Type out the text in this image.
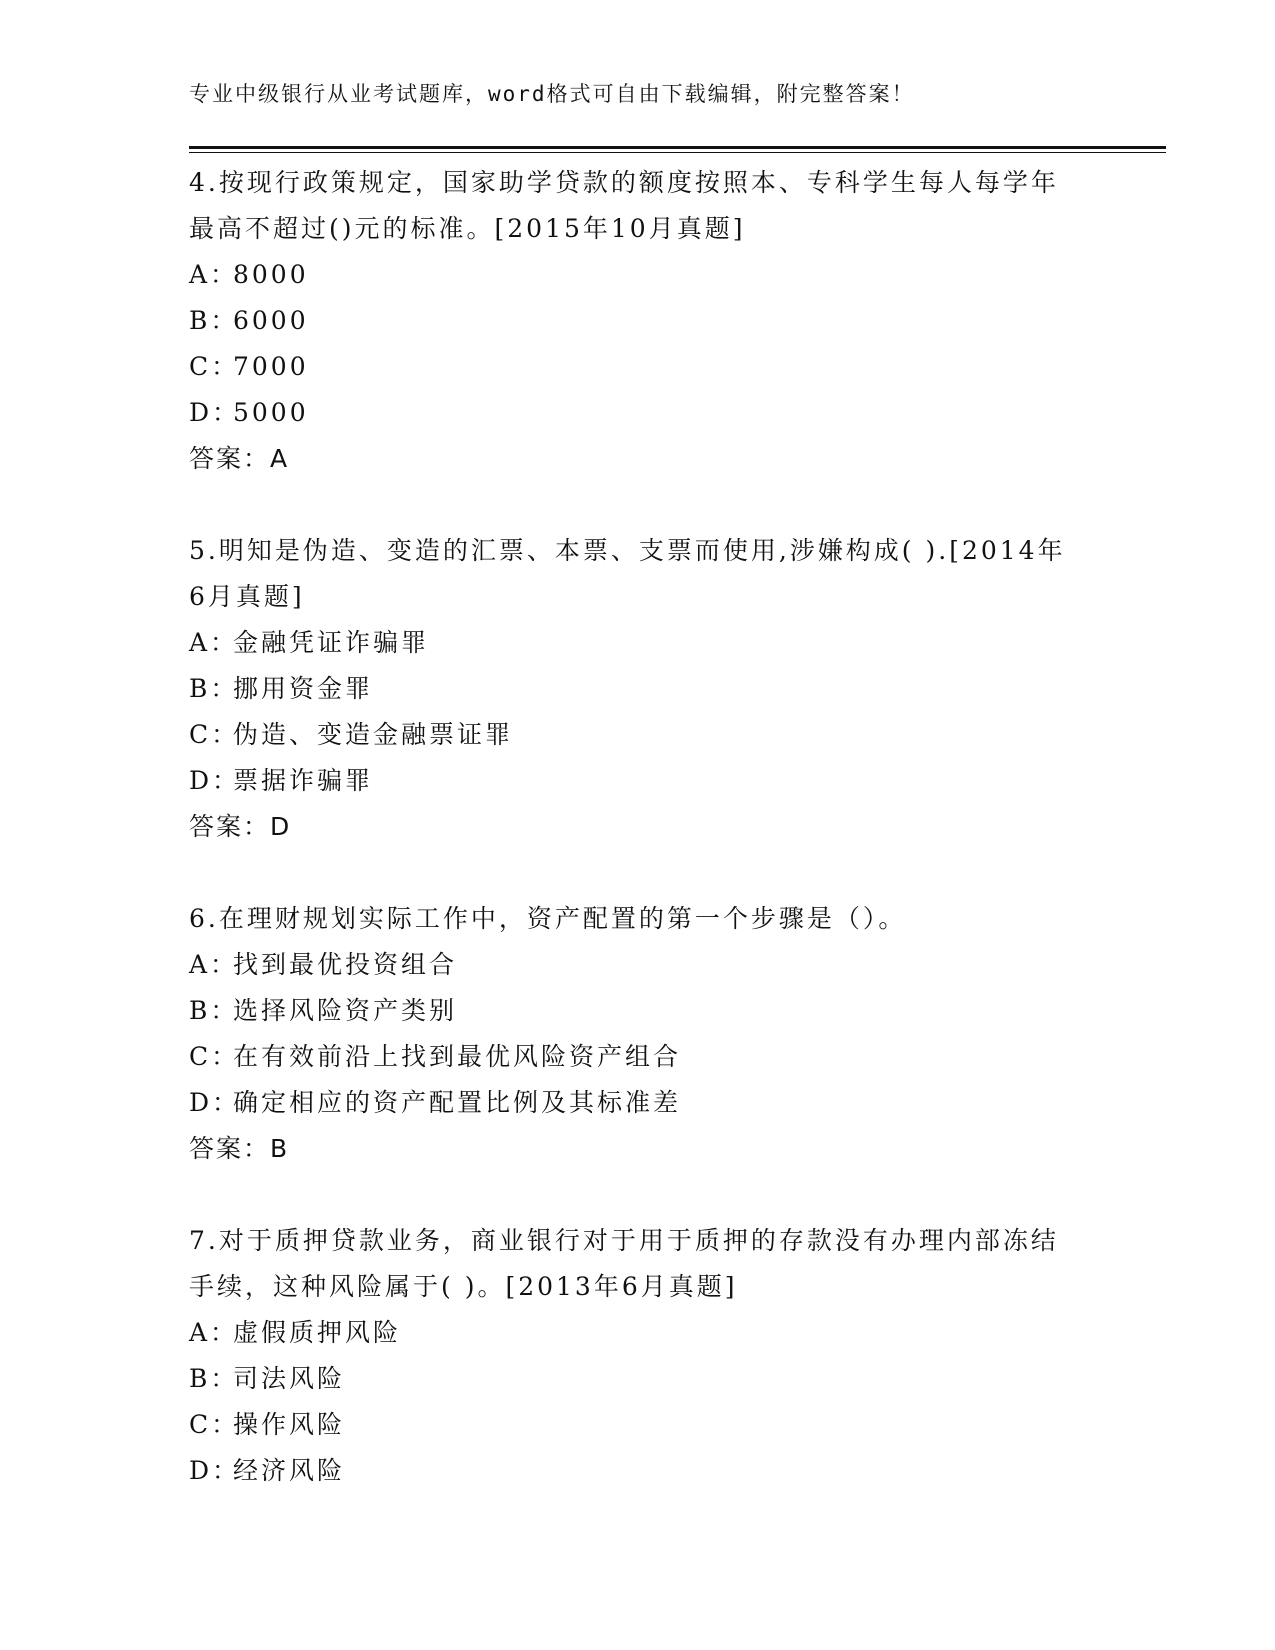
专业中级银行从业考试题库，word格式可自由下载编辑，附完整答案！

4.按现行政策规定，国家助学贷款的额度按照本、专科学生每人每学年最高不超过()元的标准。[2015年10月真题]

A：8000

B：6000

C：7000

D：5000

答案：A

5.明知是伪造、变造的汇票、本票、支票而使用,涉嫌构成( ).[2014年6月真题]

A：金融凭证诈骗罪

B：挪用资金罪

C：伪造、变造金融票证罪

D：票据诈骗罪

答案：D

6.在理财规划实际工作中，资产配置的第一个步骤是（）。

A：找到最优投资组合

B：选择风险资产类别

C：在有效前沿上找到最优风险资产组合

D：确定相应的资产配置比例及其标准差

答案：B

7.对于质押贷款业务，商业银行对于用于质押的存款没有办理内部冻结手续，这种风险属于( )。[2013年6月真题]

A：虚假质押风险

B：司法风险

C：操作风险

D：经济风险
